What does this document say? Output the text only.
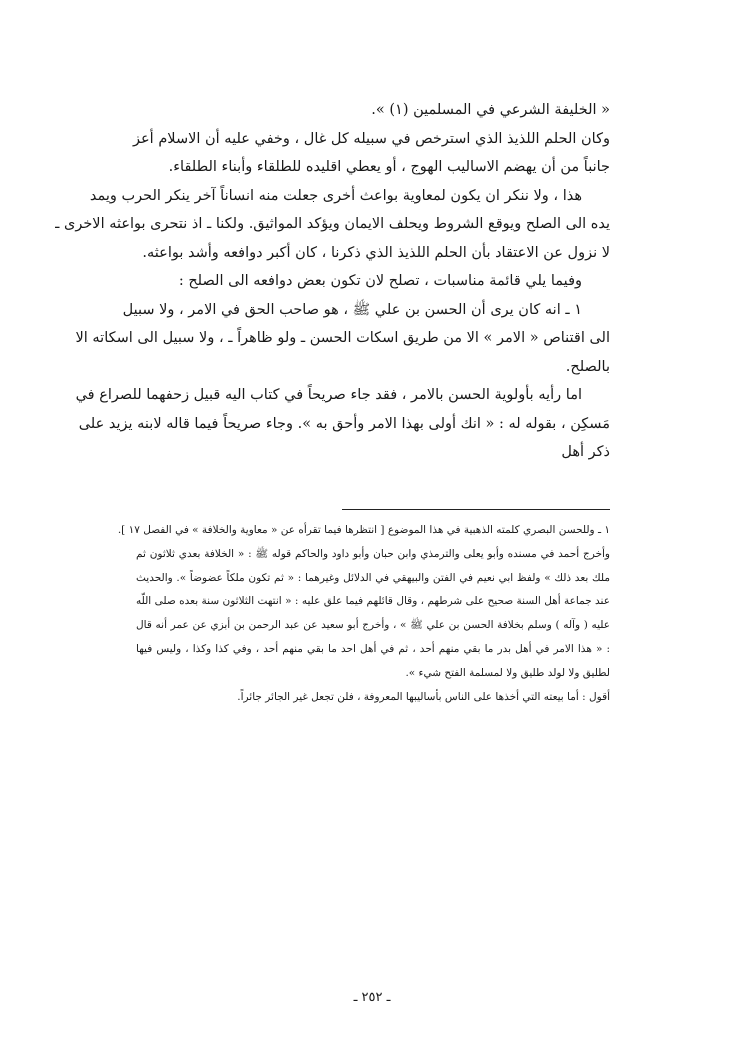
« الخليفة الشرعي في المسلمين (١) ».
وكان الحلم اللذيذ الذي استرخص في سبيله كل غال ، وخفي عليه أن الاسلام أعز
جانباً من أن يهضم الاساليب الهوج ، أو يعطي اقليده للطلقاء وأبناء الطلقاء.
هذا ، ولا ننكر ان يكون لمعاوية بواعث أخرى جعلت منه انساناً آخر ينكر الحرب ويمد
يده الى الصلح ويوقع الشروط ويحلف الايمان ويؤكد المواثيق. ولكنا ـ اذ نتحرى بواعثه الاخرى ـ
لا نزول عن الاعتقاد بأن الحلم اللذيذ الذي ذكرنا ، كان أكبر دوافعه وأشد بواعثه.
وفيما يلي قائمة مناسبات ، تصلح لان تكون بعض دوافعه الى الصلح :
١ ـ انه كان يرى أن الحسن بن علي ﷺ ، هو صاحب الحق في الامر ، ولا سبيل
الى اقتناص « الامر » الا من طريق اسكات الحسن ـ ولو ظاهراً ـ ، ولا سبيل الى اسكاته الا
بالصلح.
اما رأيه بأولوية الحسن بالامر ، فقد جاء صريحاً في كتاب اليه قبيل زحفهما للصراع في
مَسكِن ، بقوله له : « انك أولى بهذا الامر وأحق به ». وجاء صريحاً فيما قاله لابنه يزيد على
ذكر أهل
١ ـ وللحسن البصري كلمته الذهبية في هذا الموضوع [ انتظرها فيما تقرأه عن « معاوية والخلافة » في الفصل ١٧ ].
وأخرج أحمد في مسنده وأبو يعلى والترمذي وابن حبان وأبو داود والحاكم قوله ﷺ : « الخلافة بعدي ثلاثون ثم
ملك بعد ذلك » ولفظ ابي نعيم في الفتن والبيهقي في الدلائل وغيرهما : « ثم تكون ملكاً عضوضاً ». والحديث
عند جماعة أهل السنة صحيح على شرطهم ، وقال قائلهم فيما علق عليه : « انتهت الثلاثون سنة بعده صلى اللّه
عليه ( وآله ) وسلم بخلافة الحسن بن علي ﷺ » ، وأخرج أبو سعيد عن عبد الرحمن بن أبزي عن عمر أنه قال
: « هذا الامر في أهل بدر ما بقي منهم أحد ، ثم في أهل احد ما بقي منهم أحد ، وفي كذا وكذا ، وليس فيها
لطليق ولا لولد طليق ولا لمسلمة الفتح شيء ».
أقول : أما بيعته التي أخذها على الناس بأساليبها المعروفة ، فلن تجعل غير الجائر جائراً.
ـ ٢٥٢ ـ
